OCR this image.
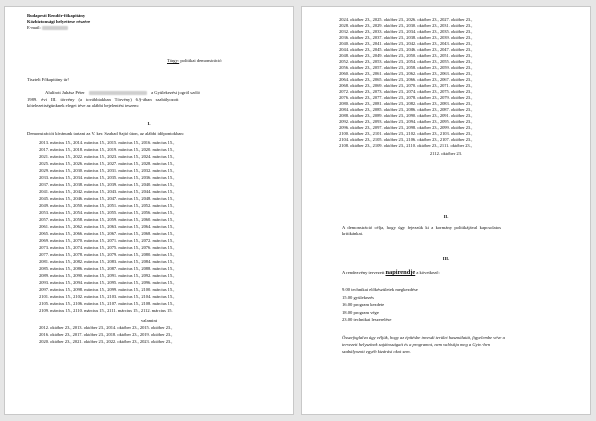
Budapesti Rendőr-főkapitány
Közbiztonsági helyettese részére
E-mail:
Tárgy: politikai demonstráció
Tisztelt Főkapitány úr!
Alulírott Juhász Péter	a Gyülekezési jogról szóló
1989. évi III. törvény (a továbbiakban Törvény) 6.§-ában szabályozott
kötelezettségünknek eleget téve az alábbi bejelentést teszem:
I.
Demonstrációt kívánunk tartani az V. ker. Szabad Sajtó úton, az alábbi időpontokban:
2013. március 15., 2014. március 15., 2015. március 15., 2016. március 15.,
2017. március 15., 2018. március 15., 2019. március 15., 2020. március 15.,
2021. március 15., 2022. március 15., 2023. március 15., 2024. március 15.,
2025. március 15., 2026. március 15., 2027. március 15., 2028. március 15.,
2029. március 15., 2030. március 15., 2031. március 15., 2032. március 15.,
2033. március 15., 2034. március 15., 2035. március 15., 2036. március 15.,
2037. március 15., 2038. március 15., 2039. március 15., 2040. március 15.,
2041. március 15., 2042. március 15., 2043. március 15., 2044. március 15.,
2045. március 15., 2046. március 15., 2047. március 15., 2048. március 15.,
2049. március 15., 2050. március 15., 2051. március 15., 2052. március 15.,
2053. március 15., 2054. március 15., 2055. március 15., 2056. március 15.,
2057. március 15., 2058. március 15., 2059. március 15., 2060. március 15.,
2061. március 15., 2062. március 15., 2063. március 15., 2064. március 15.,
2065. március 15., 2066. március 15., 2067. március 15., 2068. március 15.,
2069. március 15., 2070. március 15., 2071. március 15., 2072. március 15.,
2073. március 15., 2074. március 15., 2075. március 15., 2076. március 15.,
2077. március 15., 2078. március 15., 2079. március 15., 2080. március 15.,
2081. március 15., 2082. március 15., 2083. március 15., 2084. március 15.,
2085. március 15., 2086. március 15., 2087. március 15., 2088. március 15.,
2089. március 15., 2090. március 15., 2091. március 15., 2092. március 15.,
2093. március 15., 2094. március 15., 2095. március 15., 2096. március 15.,
2097. március 15., 2098. március 15., 2099. március 15., 2100. március 15.,
2101. március 15., 2102. március 15., 2103. március 15., 2104. március 15.,
2105. március 15., 2106. március 15., 2107. március 15., 2108. március 15.,
2109. március 15., 2110. március 15., 2111. március 15., 2112. március 15.
valamint
2012. október 23., 2013. október 23., 2014. október 23., 2015. október 23.,
2016. október 23., 2017. október 23., 2018. október 23., 2019. október 23.,
2020. október 23., 2021. október 23., 2022. október 23., 2023. október 23.,
2024. október 23., 2025. október 23., 2026. október 23., 2027. október 23.,
2028. október 23., 2029. október 23., 2030. október 23., 2031. október 23.,
2032. október 23., 2033. október 23., 2034. október 23., 2035. október 23.,
2036. október 23., 2037. október 23., 2038. október 23., 2039. október 23.,
2040. október 23., 2041. október 23., 2042. október 23., 2043. október 23.,
2044. október 23., 2045. október 23., 2046. október 23., 2047. október 23.,
2048. október 23., 2049. október 23., 2050. október 23., 2051. október 23.,
2052. október 23., 2053. október 23., 2054. október 23., 2055. október 23.,
2056. október 23., 2057. október 23., 2058. október 23., 2059. október 23.,
2060. október 23., 2061. október 23., 2062. október 23., 2063. október 23.,
2064. október 23., 2065. október 23., 2066. október 23., 2067. október 23.,
2068. október 23., 2069. október 23., 2070. október 23., 2071. október 23.,
2072. október 23., 2073. október 23., 2074. október 23., 2075. október 23.,
2076. október 23., 2077. október 23., 2078. október 23., 2079. október 23.,
2080. október 23., 2081. október 23., 2082. október 23., 2083. október 23.,
2084. október 23., 2085. október 23., 2086. október 23., 2087. október 23.,
2088. október 23., 2089. október 23., 2090. október 23., 2091. október 23.,
2092. október 23., 2093. október 23., 2094. október 23., 2095. október 23.,
2096. október 23., 2097. október 23., 2098. október 23., 2099. október 23.,
2100. október 23., 2101. október 23., 2102. október 23., 2103. október 23.,
2104. október 23., 2105. október 23., 2106. október 23., 2107. október 23.,
2108. október 23., 2109. október 23., 2110. október 23., 2111. október 23.,
2112. október 23.
II.
A demonstráció célja, hogy úgy fejezzük ki a kormány politikájával kapcsolatos
kritikánkat.
III.
A rendezvény tervezett napirendje a következő:
9.00 technikai előkészületek megkezdése
15.00 gyülekezés
16.00 program kezdete
18.00 program vége
23.00 technikai leszerelése
Összefoglalva úgy véljük, hogy az építésbe invesdi terület használatát, figyelembe véve a
tervezett helyszínek sajátosságait és a programot, nem valósítja meg a Gytv.-ben
szabályozott egyéb kizárási okot sem.
